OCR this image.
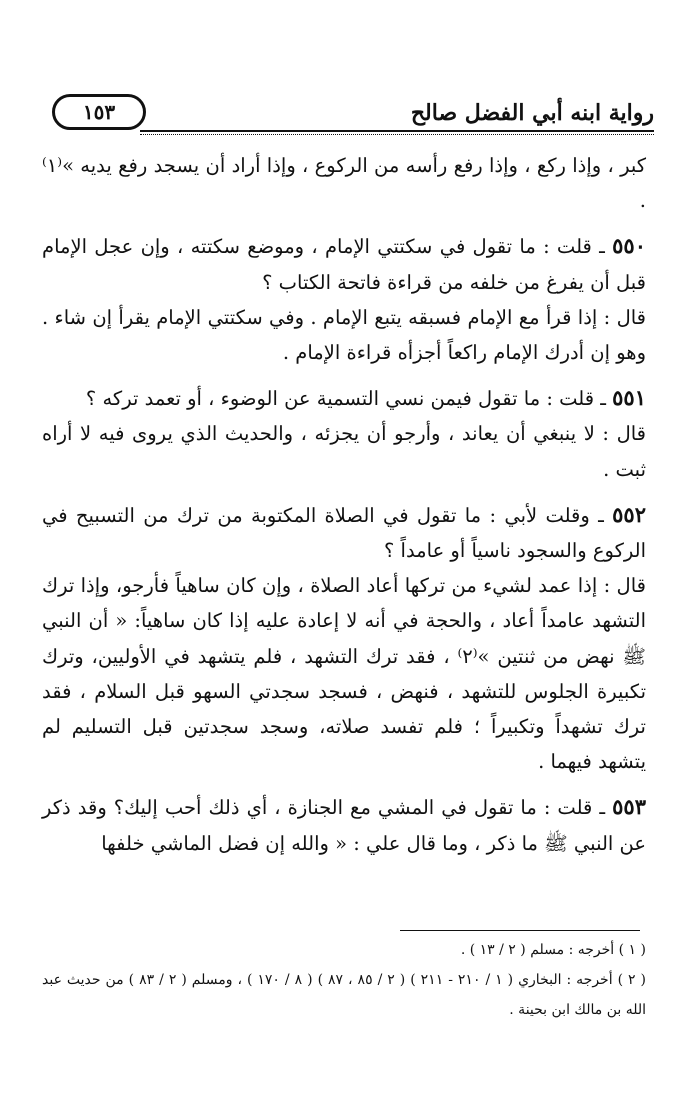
رواية ابنه أبي الفضل صالح
١٥٣

كبر ، وإذا ركع ، وإذا رفع رأسه من الركوع ، وإذا أراد أن يسجد رفع يديه »⁽١⁾ .

٥٥٠ ـ قلت : ما تقول في سكتتي الإمام ، وموضع سكتته ، وإن عجل الإمام قبل أن يفرغ من خلفه من قراءة فاتحة الكتاب ؟

قال : إذا قرأ مع الإمام فسبقه يتبع الإمام . وفي سكتتي الإمام يقرأ إن شاء . وهو إن أدرك الإمام راكعاً أجزأه قراءة الإمام .

٥٥١ ـ قلت : ما تقول فيمن نسي التسمية عن الوضوء ، أو تعمد تركه ؟

قال : لا ينبغي أن يعاند ، وأرجو أن يجزئه ، والحديث الذي يروى فيه لا أراه ثبت .

٥٥٢ ـ وقلت لأبي : ما تقول في الصلاة المكتوبة من ترك من التسبيح في الركوع والسجود ناسياً أو عامداً ؟

قال : إذا عمد لشيء من تركها أعاد الصلاة ، وإن كان ساهياً فأرجو، وإذا ترك التشهد عامداً أعاد ، والحجة في أنه لا إعادة عليه إذا كان ساهياً: « أن النبي ﷺ نهض من ثنتين »⁽٢⁾ ، فقد ترك التشهد ، فلم يتشهد في الأوليين، وترك تكبيرة الجلوس للتشهد ، فنهض ، فسجد سجدتي السهو قبل السلام ، فقد ترك تشهداً وتكبيراً ؛ فلم تفسد صلاته، وسجد سجدتين قبل التسليم لم يتشهد فيهما .

٥٥٣ ـ قلت : ما تقول في المشي مع الجنازة ، أي ذلك أحب إليك؟ وقد ذكر عن النبي ﷺ ما ذكر ، وما قال علي : « والله إن فضل الماشي خلفها

( ١ ) أخرجه : مسلم ( ٢ / ١٣ ) .

( ٢ ) أخرجه : البخاري ( ١ / ٢١٠ - ٢١١ ) ( ٢ / ٨٥ ، ٨٧ ) ( ٨ / ١٧٠ ) ، ومسلم ( ٢ / ٨٣ ) من حديث عبد الله بن مالك ابن بحينة .
